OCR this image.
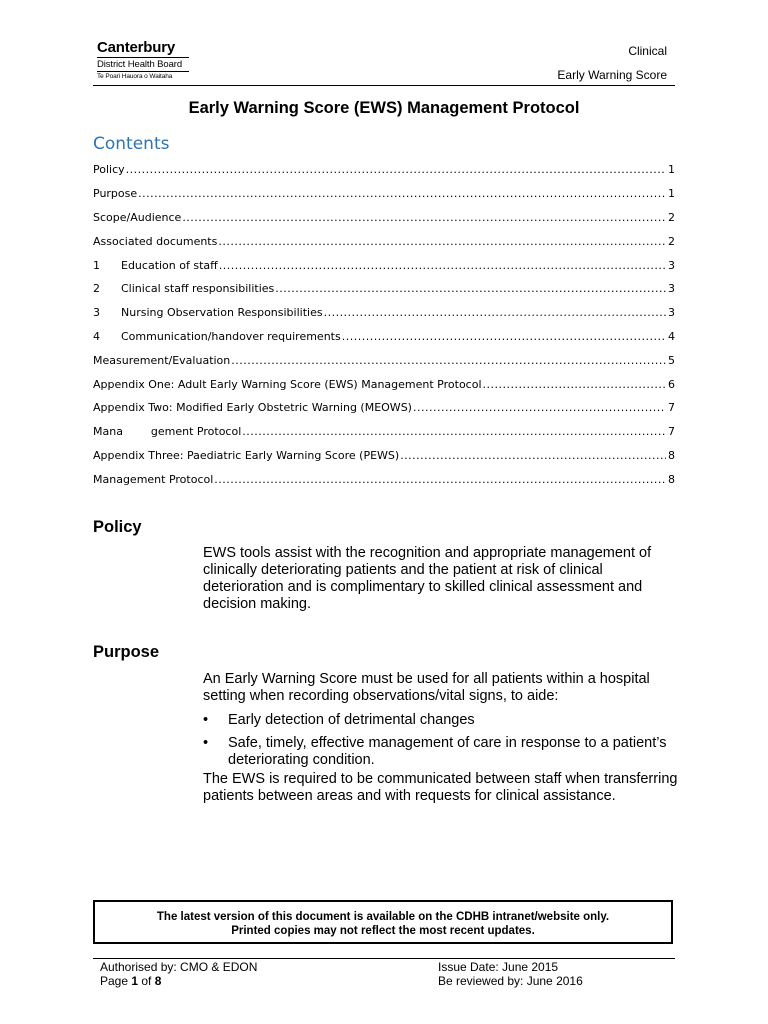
Canterbury
District Health Board
Te Poari Hauora o Waitaha
Clinical
Early Warning Score
Early Warning Score (EWS) Management Protocol
Contents
Policy .....	1
Purpose .....	1
Scope/Audience .....	2
Associated documents .....	2
1	Education of staff .....	3
2	Clinical staff responsibilities .....	3
3	Nursing Observation Responsibilities .....	3
4	Communication/handover requirements .....	4
Measurement/Evaluation .....	5
Appendix One: Adult Early Warning Score (EWS) Management Protocol .....	6
Appendix Two: Modified Early Obstetric Warning (MEOWS) .....	7
Mana        gement Protocol .....	7
Appendix Three: Paediatric Early Warning Score (PEWS) .....	8
Management Protocol .....	8
Policy
EWS tools assist with the recognition and appropriate management of clinically deteriorating patients and the patient at risk of clinical deterioration and is complimentary to skilled clinical assessment and decision making.
Purpose
An Early Warning Score must be used for all patients within a hospital setting when recording observations/vital signs, to aide:
• Early detection of detrimental changes
• Safe, timely, effective management of care in response to a patient’s deteriorating condition.
The EWS is required to be communicated between staff when transferring patients between areas and with requests for clinical assistance.
The latest version of this document is available on the CDHB intranet/website only.
Printed copies may not reflect the most recent updates.
Authorised by: CMO & EDON
Page 1 of 8
Issue Date: June 2015
Be reviewed by: June 2016
